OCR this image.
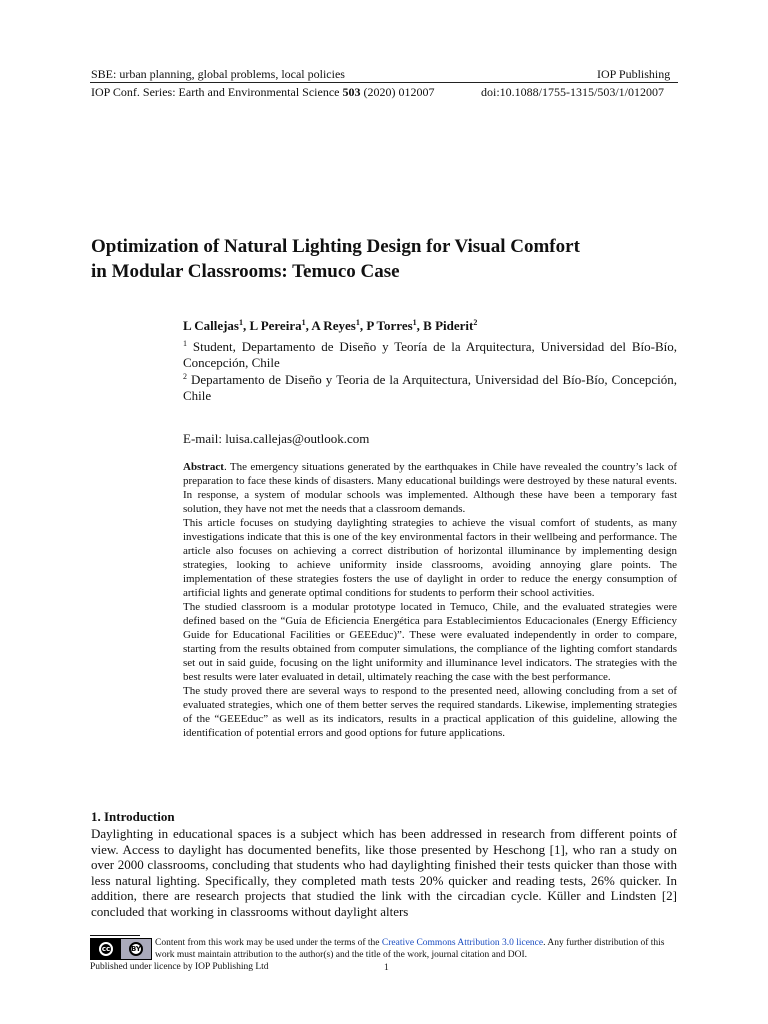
SBE: urban planning, global problems, local policies	IOP Publishing
IOP Conf. Series: Earth and Environmental Science 503 (2020) 012007	doi:10.1088/1755-1315/503/1/012007
Optimization of Natural Lighting Design for Visual Comfort
in Modular Classrooms: Temuco Case
L Callejas$^1$, L Pereira$^1$, A Reyes$^1$, P Torres$^1$, B Piderit$^2$
$^1$ Student, Departamento de Diseño y Teoría de la Arquitectura, Universidad del Bío-Bío, Concepción, Chile
$^2$ Departamento de Diseño y Teoria de la Arquitectura, Universidad del Bío-Bío, Concepción, Chile
E-mail: luisa.callejas@outlook.com

Abstract. The emergency situations generated by the earthquakes in Chile have revealed the country’s lack of preparation to face these kinds of disasters. Many educational buildings were destroyed by these natural events. In response, a system of modular schools was implemented. Although these have been a temporary fast solution, they have not met the needs that a classroom demands.

This article focuses on studying daylighting strategies to achieve the visual comfort of students, as many investigations indicate that this is one of the key environmental factors in their wellbeing and performance. The article also focuses on achieving a correct distribution of horizontal illuminance by implementing design strategies, looking to achieve uniformity inside classrooms, avoiding annoying glare points. The implementation of these strategies fosters the use of daylight in order to reduce the energy consumption of artificial lights and generate optimal conditions for students to perform their school activities.

The studied classroom is a modular prototype located in Temuco, Chile, and the evaluated strategies were defined based on the “Guía de Eficiencia Energética para Establecimientos Educacionales (Energy Efficiency Guide for Educational Facilities or GEEEduc)”. These were evaluated independently in order to compare, starting from the results obtained from computer simulations, the compliance of the lighting comfort standards set out in said guide, focusing on the light uniformity and illuminance level indicators. The strategies with the best results were later evaluated in detail, ultimately reaching the case with the best performance.

The study proved there are several ways to respond to the presented need, allowing concluding from a set of evaluated strategies, which one of them better serves the required standards. Likewise, implementing strategies of the “GEEEduc” as well as its indicators, results in a practical application of this guideline, allowing the identification of potential errors and good options for future applications.

1. Introduction
Daylighting in educational spaces is a subject which has been addressed in research from different points of view. Access to daylight has documented benefits, like those presented by Heschong [1], who ran a study on over 2000 classrooms, concluding that students who had daylighting finished their tests quicker than those with less natural lighting. Specifically, they completed math tests 20% quicker and reading tests, 26% quicker. In addition, there are research projects that studied the link with the circadian cycle. Küller and Lindsten [2] concluded that working in classrooms without daylight alters
cc	BY
Content from this work may be used under the terms of the Creative Commons Attribution 3.0 licence. Any further distribution of this work must maintain attribution to the author(s) and the title of the work, journal citation and DOI.
Published under licence by IOP Publishing Ltd	1
